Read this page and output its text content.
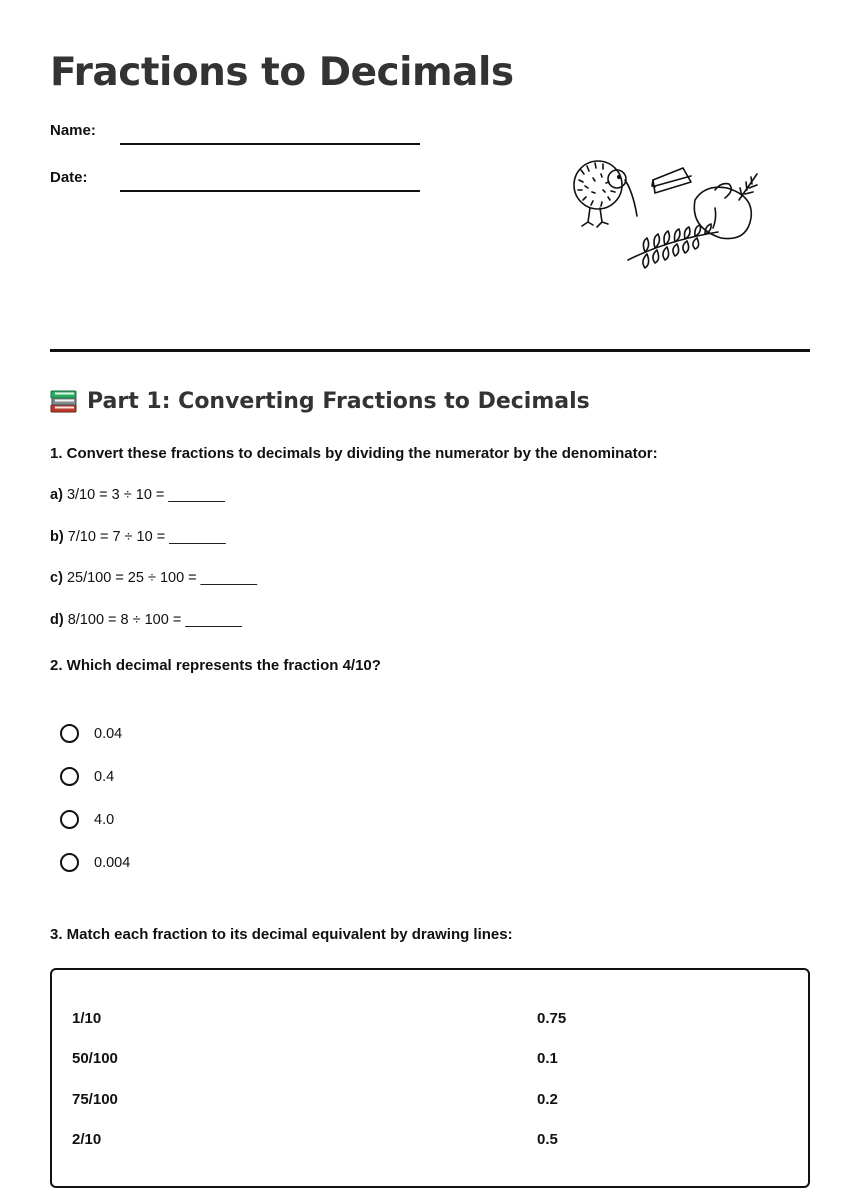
Fractions to Decimals
Name:
Date:
Part 1: Converting Fractions to Decimals
1. Convert these fractions to decimals by dividing the numerator by the denominator:
a) 3/10 = 3 ÷ 10 = _______
b) 7/10 = 7 ÷ 10 = _______
c) 25/100 = 25 ÷ 100 = _______
d) 8/100 = 8 ÷ 100 = _______
2. Which decimal represents the fraction 4/10?
0.04
0.4
4.0
0.004
3. Match each fraction to its decimal equivalent by drawing lines:
1/10
50/100
75/100
2/10
0.75
0.1
0.2
0.5
